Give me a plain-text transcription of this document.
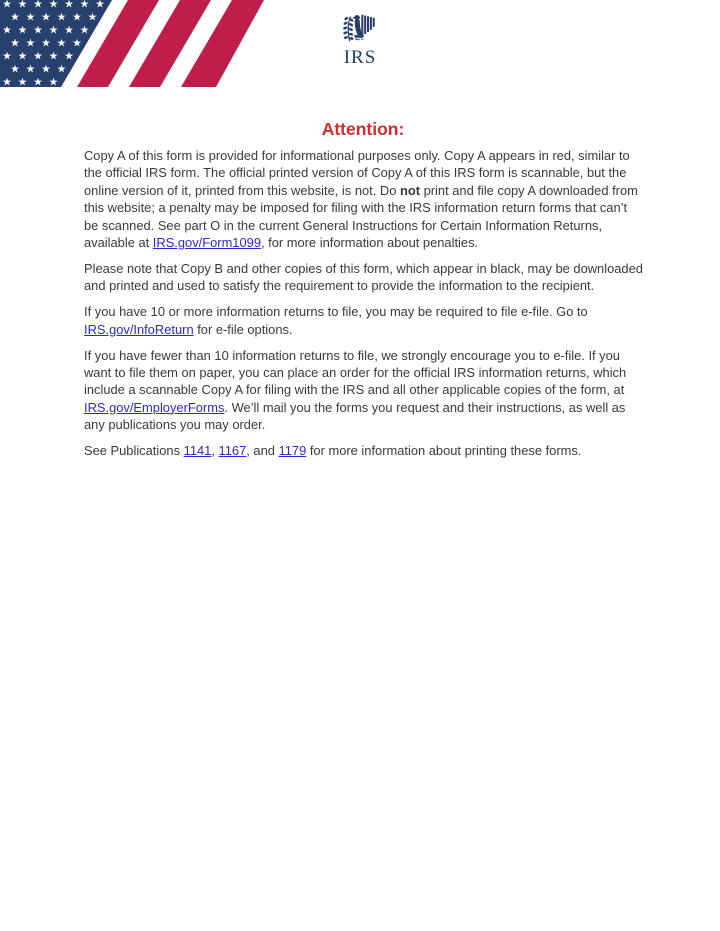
IRS
Attention:

Copy A of this form is provided for informational purposes only. Copy A appears in red, similar to the official IRS form. The official printed version of Copy A of this IRS form is scannable, but the online version of it, printed from this website, is not. Do not print and file copy A downloaded from this website; a penalty may be imposed for filing with the IRS information return forms that can’t be scanned. See part O in the current General Instructions for Certain Information Returns, available at IRS.gov/Form1099, for more information about penalties.

Please note that Copy B and other copies of this form, which appear in black, may be downloaded and printed and used to satisfy the requirement to provide the information to the recipient.

If you have 10 or more information returns to file, you may be required to file e-file. Go to IRS.gov/InfoReturn for e-file options.

If you have fewer than 10 information returns to file, we strongly encourage you to e-file. If you want to file them on paper, you can place an order for the official IRS information returns, which include a scannable Copy A for filing with the IRS and all other applicable copies of the form, at IRS.gov/EmployerForms. We’ll mail you the forms you request and their instructions, as well as any publications you may order.

See Publications 1141, 1167, and 1179 for more information about printing these forms.
